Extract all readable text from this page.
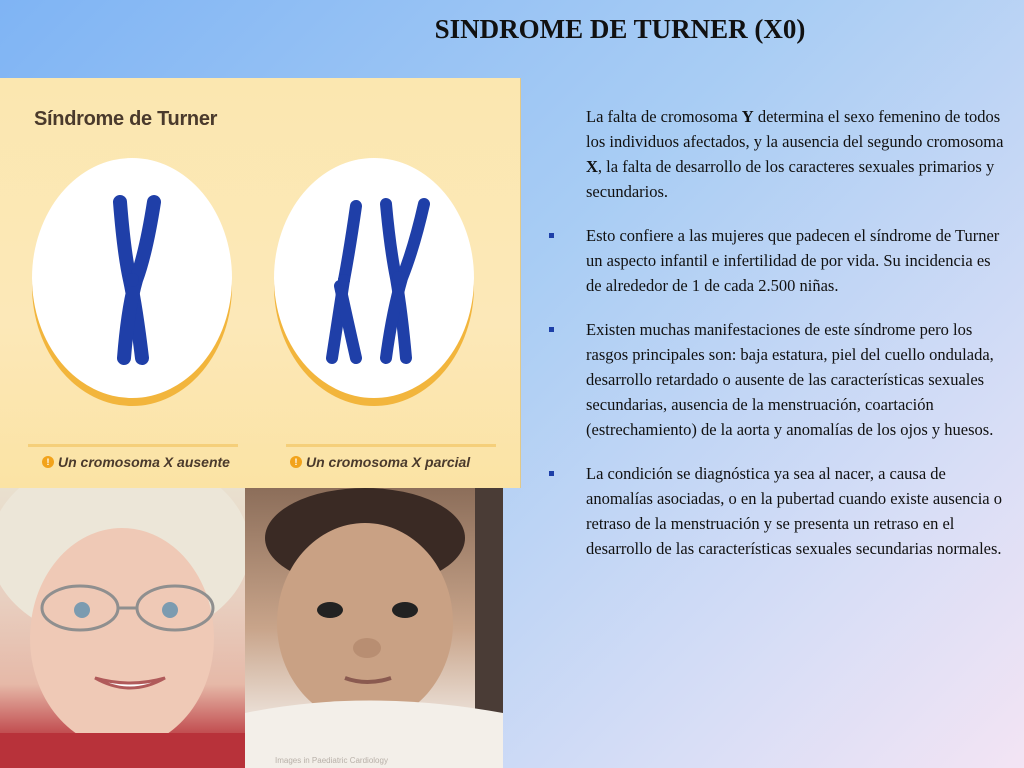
SINDROME DE TURNER (X0)
Síndrome de Turner
! Un cromosoma X ausente	! Un cromosoma X parcial
Images in Paediatric Cardiology

La falta de cromosoma Y determina el sexo femenino de todos los individuos afectados, y la ausencia del segundo cromosoma X, la falta de desarrollo de los caracteres sexuales primarios y secundarios.

Esto confiere a las mujeres que padecen el síndrome de Turner un aspecto infantil e infertilidad de por vida. Su incidencia es de alrededor de 1 de cada 2.500 niñas.

Existen muchas manifestaciones de este síndrome pero los rasgos principales son: baja estatura, piel del cuello ondulada, desarrollo retardado o ausente de las características sexuales secundarias, ausencia de la menstruación, coartación (estrechamiento) de la aorta y anomalías de los ojos y huesos.

La condición se diagnóstica ya sea al nacer, a causa de anomalías asociadas, o en la pubertad cuando existe ausencia o retraso de la menstruación y se presenta un retraso en el desarrollo de las características sexuales secundarias normales.
